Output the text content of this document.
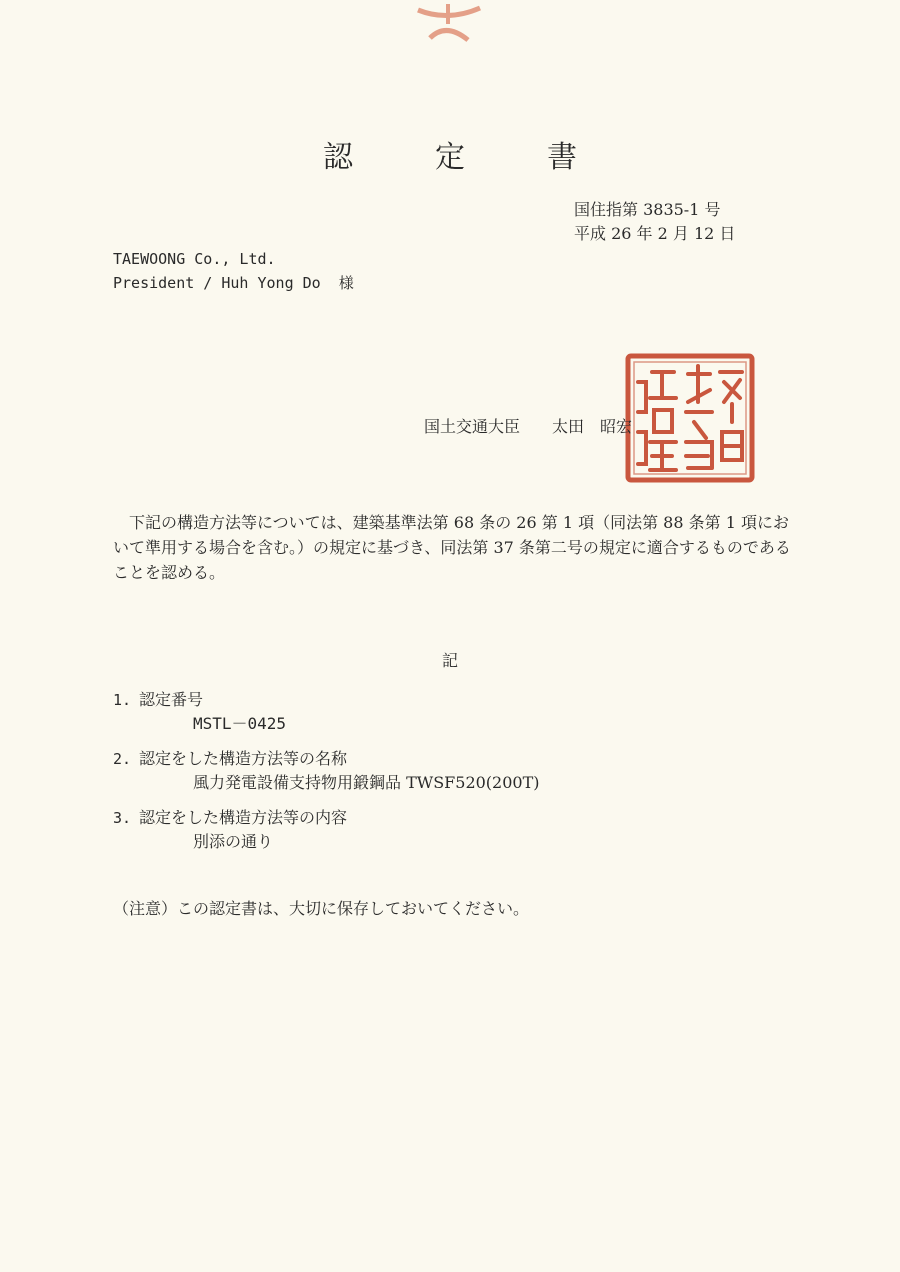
認　定　書
国住指第 3835-1 号
平成 26 年 2 月 12 日
TAEWOONG Co., Ltd.
President / Huh Yong Do  様
国土交通大臣　　太田　昭宏
下記の構造方法等については、建築基準法第 68 条の 26 第 1 項（同法第 88 条第 1 項において準用する場合を含む。）の規定に基づき、同法第 37 条第二号の規定に適合するものであることを認める。
記
1. 認定番号
MSTL－0425
2. 認定をした構造方法等の名称
風力発電設備支持物用鍛鋼品 TWSF520(200T)
3. 認定をした構造方法等の内容
別添の通り
（注意）この認定書は、大切に保存しておいてください。
